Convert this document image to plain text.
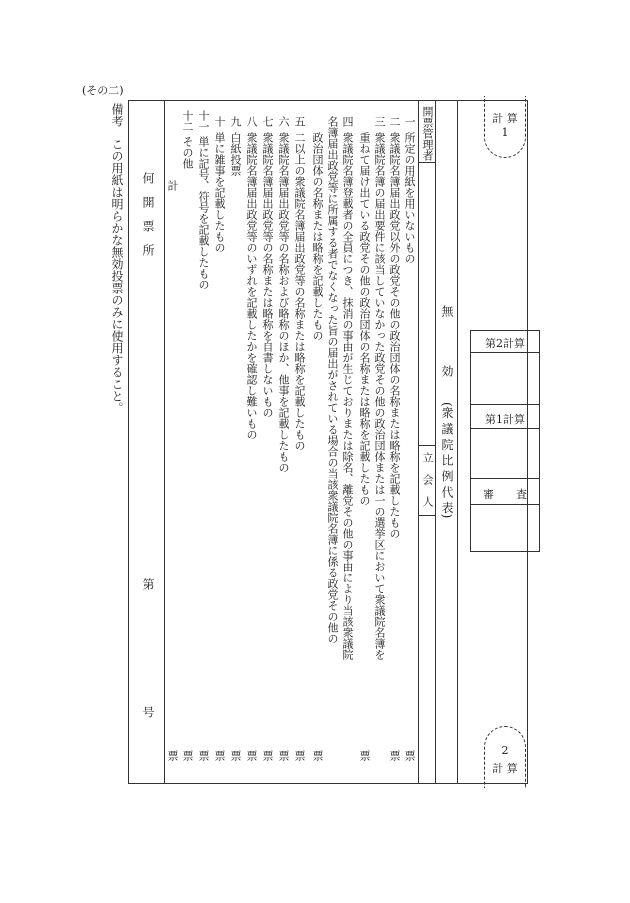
(その二)
備考
この用紙は明らかな無効投票のみに使用すること。 何　開　票　所
第
号
開票管理者
立　会　人
無　　　　効
(衆 議 院 比 例 代 表)
一
所定の用紙を用いないもの
票
二
衆議院名簿届出政党以外の政党その他の政治団体の名称または略称を記載したもの
票
三
衆議院名簿の届出要件に該当していなかった政党その他の政治団体または一の選挙区において衆議院名簿を
重ねて届け出ている政党その他の政治団体の名称または略称を記載したもの
票
四
衆議院名簿登載者の全員につき、抹消の事由が生じておりまたは除名、離党その他の事由により当該衆議院
名簿届出政党等に所属する者でなくなった旨の届出がされている場合の当該衆議院名簿に係る政党その他の
政治団体の名称または略称を記載したもの
票
五
二以上の衆議院名簿届出政党等の名称または略称を記載したもの
票
六
衆議院名簿届出政党等の名称および略称のほか、他事を記載したもの
票
七
衆議院名簿届出政党等の名称または略称を自書しないもの
票
八
衆議院名簿届出政党等のいずれを記載したかを確認し難いもの
票
九
白紙投票
票
十
単に雑事を記載したもの
票
十一
単に記号、符号を記載したもの
票
十二
その他
票
計
票
計 算
1
2
計 算
第2計算
第1計算
審　　査
